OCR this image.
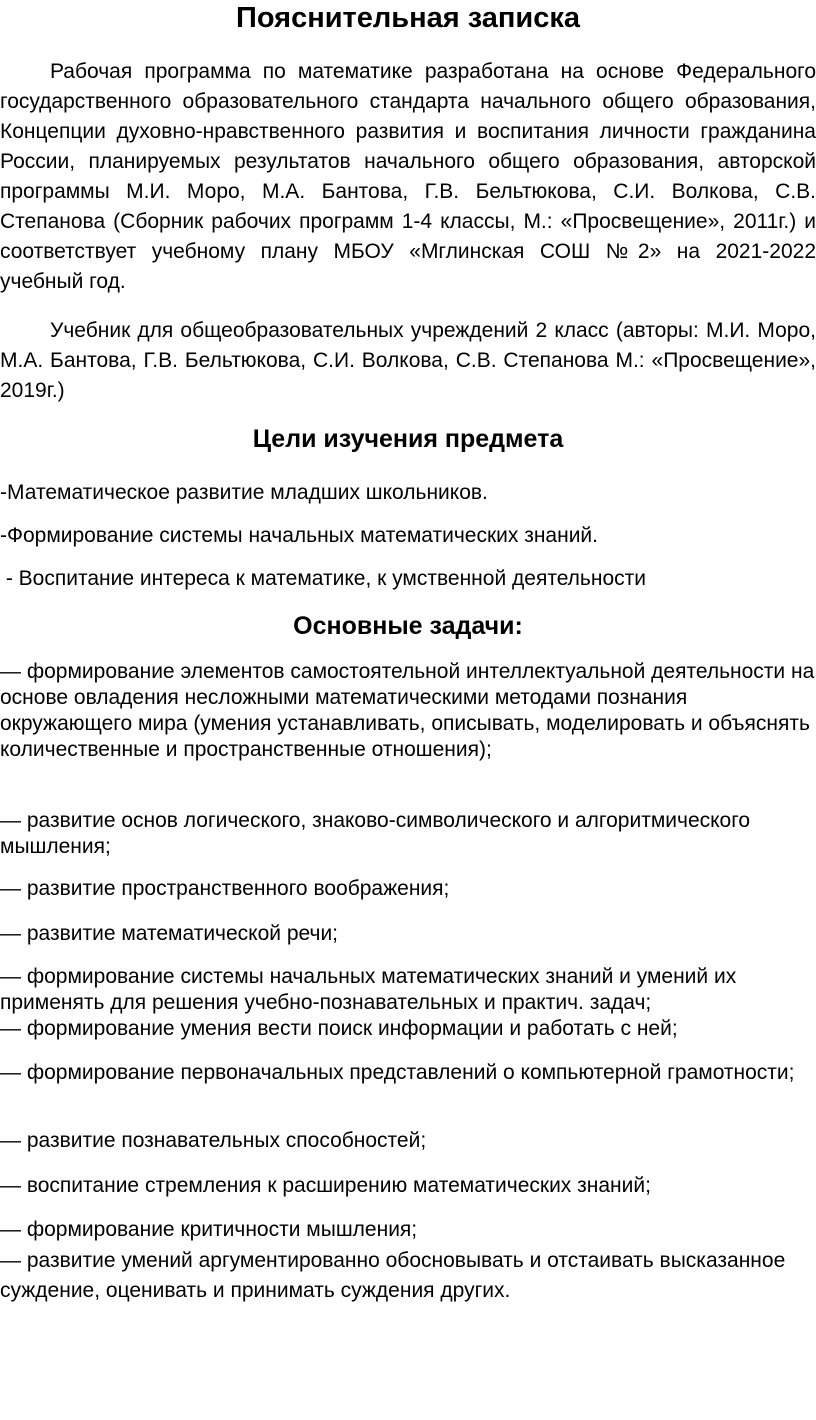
Пояснительная записка

Рабочая программа по математике разработана на основе Федерального государственного образовательного стандарта начального общего образования, Концепции духовно-нравственного развития и воспитания личности гражданина России, планируемых результатов начального общего образования, авторской программы М.И. Моро, М.А. Бантова, Г.В. Бельтюкова, С.И. Волкова, С.В. Степанова (Сборник рабочих программ 1-4 классы, М.: «Просвещение», 2011г.) и соответствует учебному плану МБОУ «Мглинская СОШ №2» на 2021-2022 учебный год.

Учебник для общеобразовательных учреждений 2 класс (авторы: М.И. Моро, М.А. Бантова, Г.В. Бельтюкова, С.И. Волкова, С.В. Степанова М.: «Просвещение», 2019г.)

Цели изучения предмета

-Математическое развитие младших школьников.

-Формирование системы начальных математических знаний.

- Воспитание интереса к математике, к умственной деятельности

Основные задачи:

— формирование элементов самостоятельной интеллектуальной деятельности на основе овладения несложными математическими методами познания окружающего мира (умения устанавливать, описывать, моделировать и объяснять количественные и пространственные отношения);

— развитие основ логического, знаково-символического и алгоритмического мышления;

— развитие пространственного воображения;

— развитие математической речи;

— формирование системы начальных математических знаний и умений их применять для решения учебно-познавательных и практич. задач;

— формирование умения вести поиск информации и работать с ней;

— формирование первоначальных представлений о компьютерной грамотности;

— развитие познавательных способностей;

— воспитание стремления к расширению математических знаний;

— формирование критичности мышления;

— развитие умений аргументированно обосновывать и отстаивать высказанное суждение, оценивать и принимать суждения других.
